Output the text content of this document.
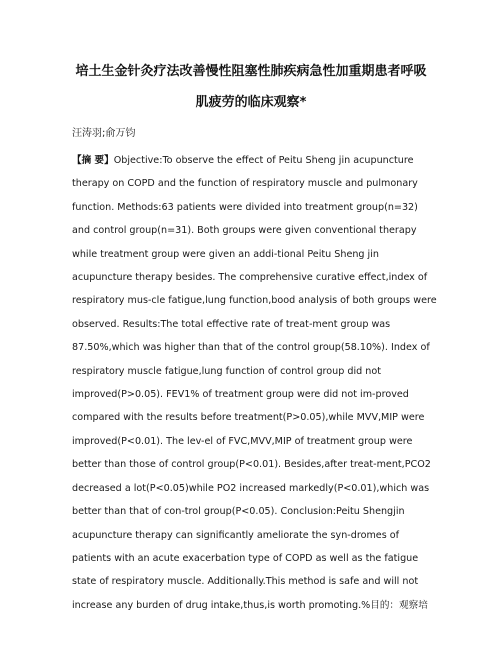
培土生金针灸疗法改善慢性阻塞性肺疾病急性加重期患者呼吸
肌疲劳的临床观察*
汪涛羽;俞万钧
【摘 要】Objective:To observe the effect of Peitu Sheng jin acupuncture therapy on COPD and the function of respiratory muscle and pulmonary function. Methods:63 patients were divided into treatment group(n=32) and control group(n=31). Both groups were given conventional therapy while treatment group were given an addi-tional Peitu Sheng jin acupuncture therapy besides. The comprehensive curative effect,index of respiratory mus-cle fatigue,lung function,bood analysis of both groups were observed. Results:The total effective rate of treat-ment group was 87.50%,which was higher than that of the control group(58.10%). Index of respiratory muscle fatigue,lung function of control group did not improved(P>0.05). FEV1% of treatment group were did not im-proved compared with the results before treatment(P>0.05),while MVV,MIP were improved(P<0.01). The lev-el of FVC,MVV,MIP of treatment group were better than those of control group(P<0.01). Besides,after treat-ment,PCO2 decreased a lot(P<0.05)while PO2 increased markedly(P<0.01),which was better than that of con-trol group(P<0.05). Conclusion:Peitu Shengjin acupuncture therapy can significantly ameliorate the syn-dromes of patients with an acute exacerbation type of COPD as well as the fatigue state of respiratory muscle. Additionally.This method is safe and will not increase any burden of drug intake,thus,is worth promoting.%目的：观察培
